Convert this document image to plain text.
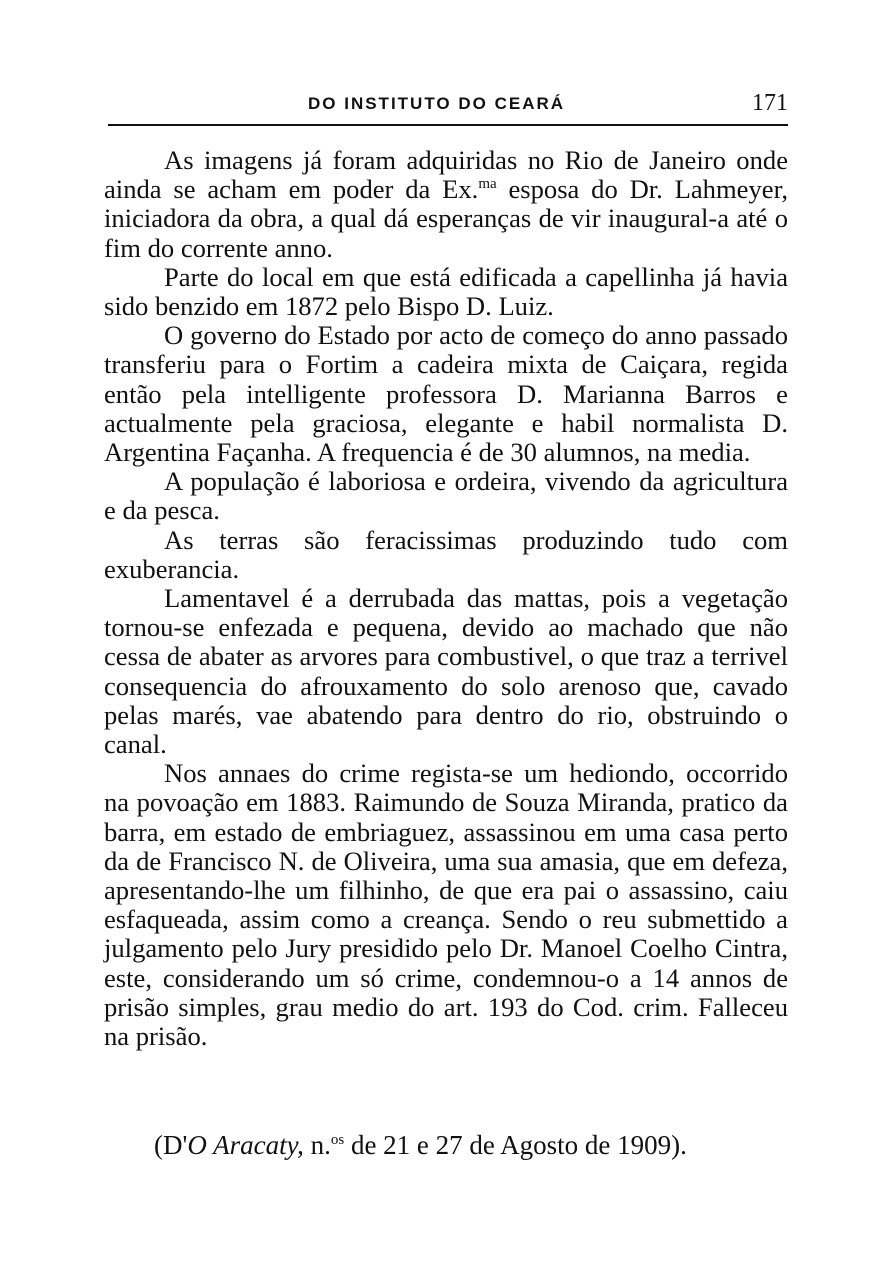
DO INSTITUTO DO CEARÁ	171

As imagens já foram adquiridas no Rio de Janeiro onde ainda se acham em poder da Ex.$^{ma}$ esposa do Dr. Lahmeyer, iniciadora da obra, a qual dá esperanças de vir inaugural-a até o fim do corrente anno.

Parte do local em que está edificada a capellinha já havia sido benzido em 1872 pelo Bispo D. Luiz.

O governo do Estado por acto de começo do anno passado transferiu para o Fortim a cadeira mixta de Caiçara, regida então pela intelligente professora D. Marianna Barros e actualmente pela graciosa, elegante e habil normalista D. Argentina Façanha. A frequencia é de 30 alumnos, na media.

A população é laboriosa e ordeira, vivendo da agricultura e da pesca.

As terras são feracissimas produzindo tudo com exuberancia.

Lamentavel é a derrubada das mattas, pois a vegetação tornou-se enfezada e pequena, devido ao machado que não cessa de abater as arvores para combustivel, o que traz a terrivel consequencia do afrouxamento do solo arenoso que, cavado pelas marés, vae abatendo para dentro do rio, obstruindo o canal.

Nos annaes do crime regista-se um hediondo, occorrido na povoação em 1883. Raimundo de Souza Miranda, pratico da barra, em estado de embriaguez, assassinou em uma casa perto da de Francisco N. de Oliveira, uma sua amasia, que em defeza, apresentando-lhe um filhinho, de que era pai o assassino, caiu esfaqueada, assim como a creança. Sendo o reu submettido a julgamento pelo Jury presidido pelo Dr. Manoel Coelho Cintra, este, considerando um só crime, condemnou-o a 14 annos de prisão simples, grau medio do art. 193 do Cod. crim. Falleceu na prisão.

(D'O Aracaty, n.$^{os}$ de 21 e 27 de Agosto de 1909).
